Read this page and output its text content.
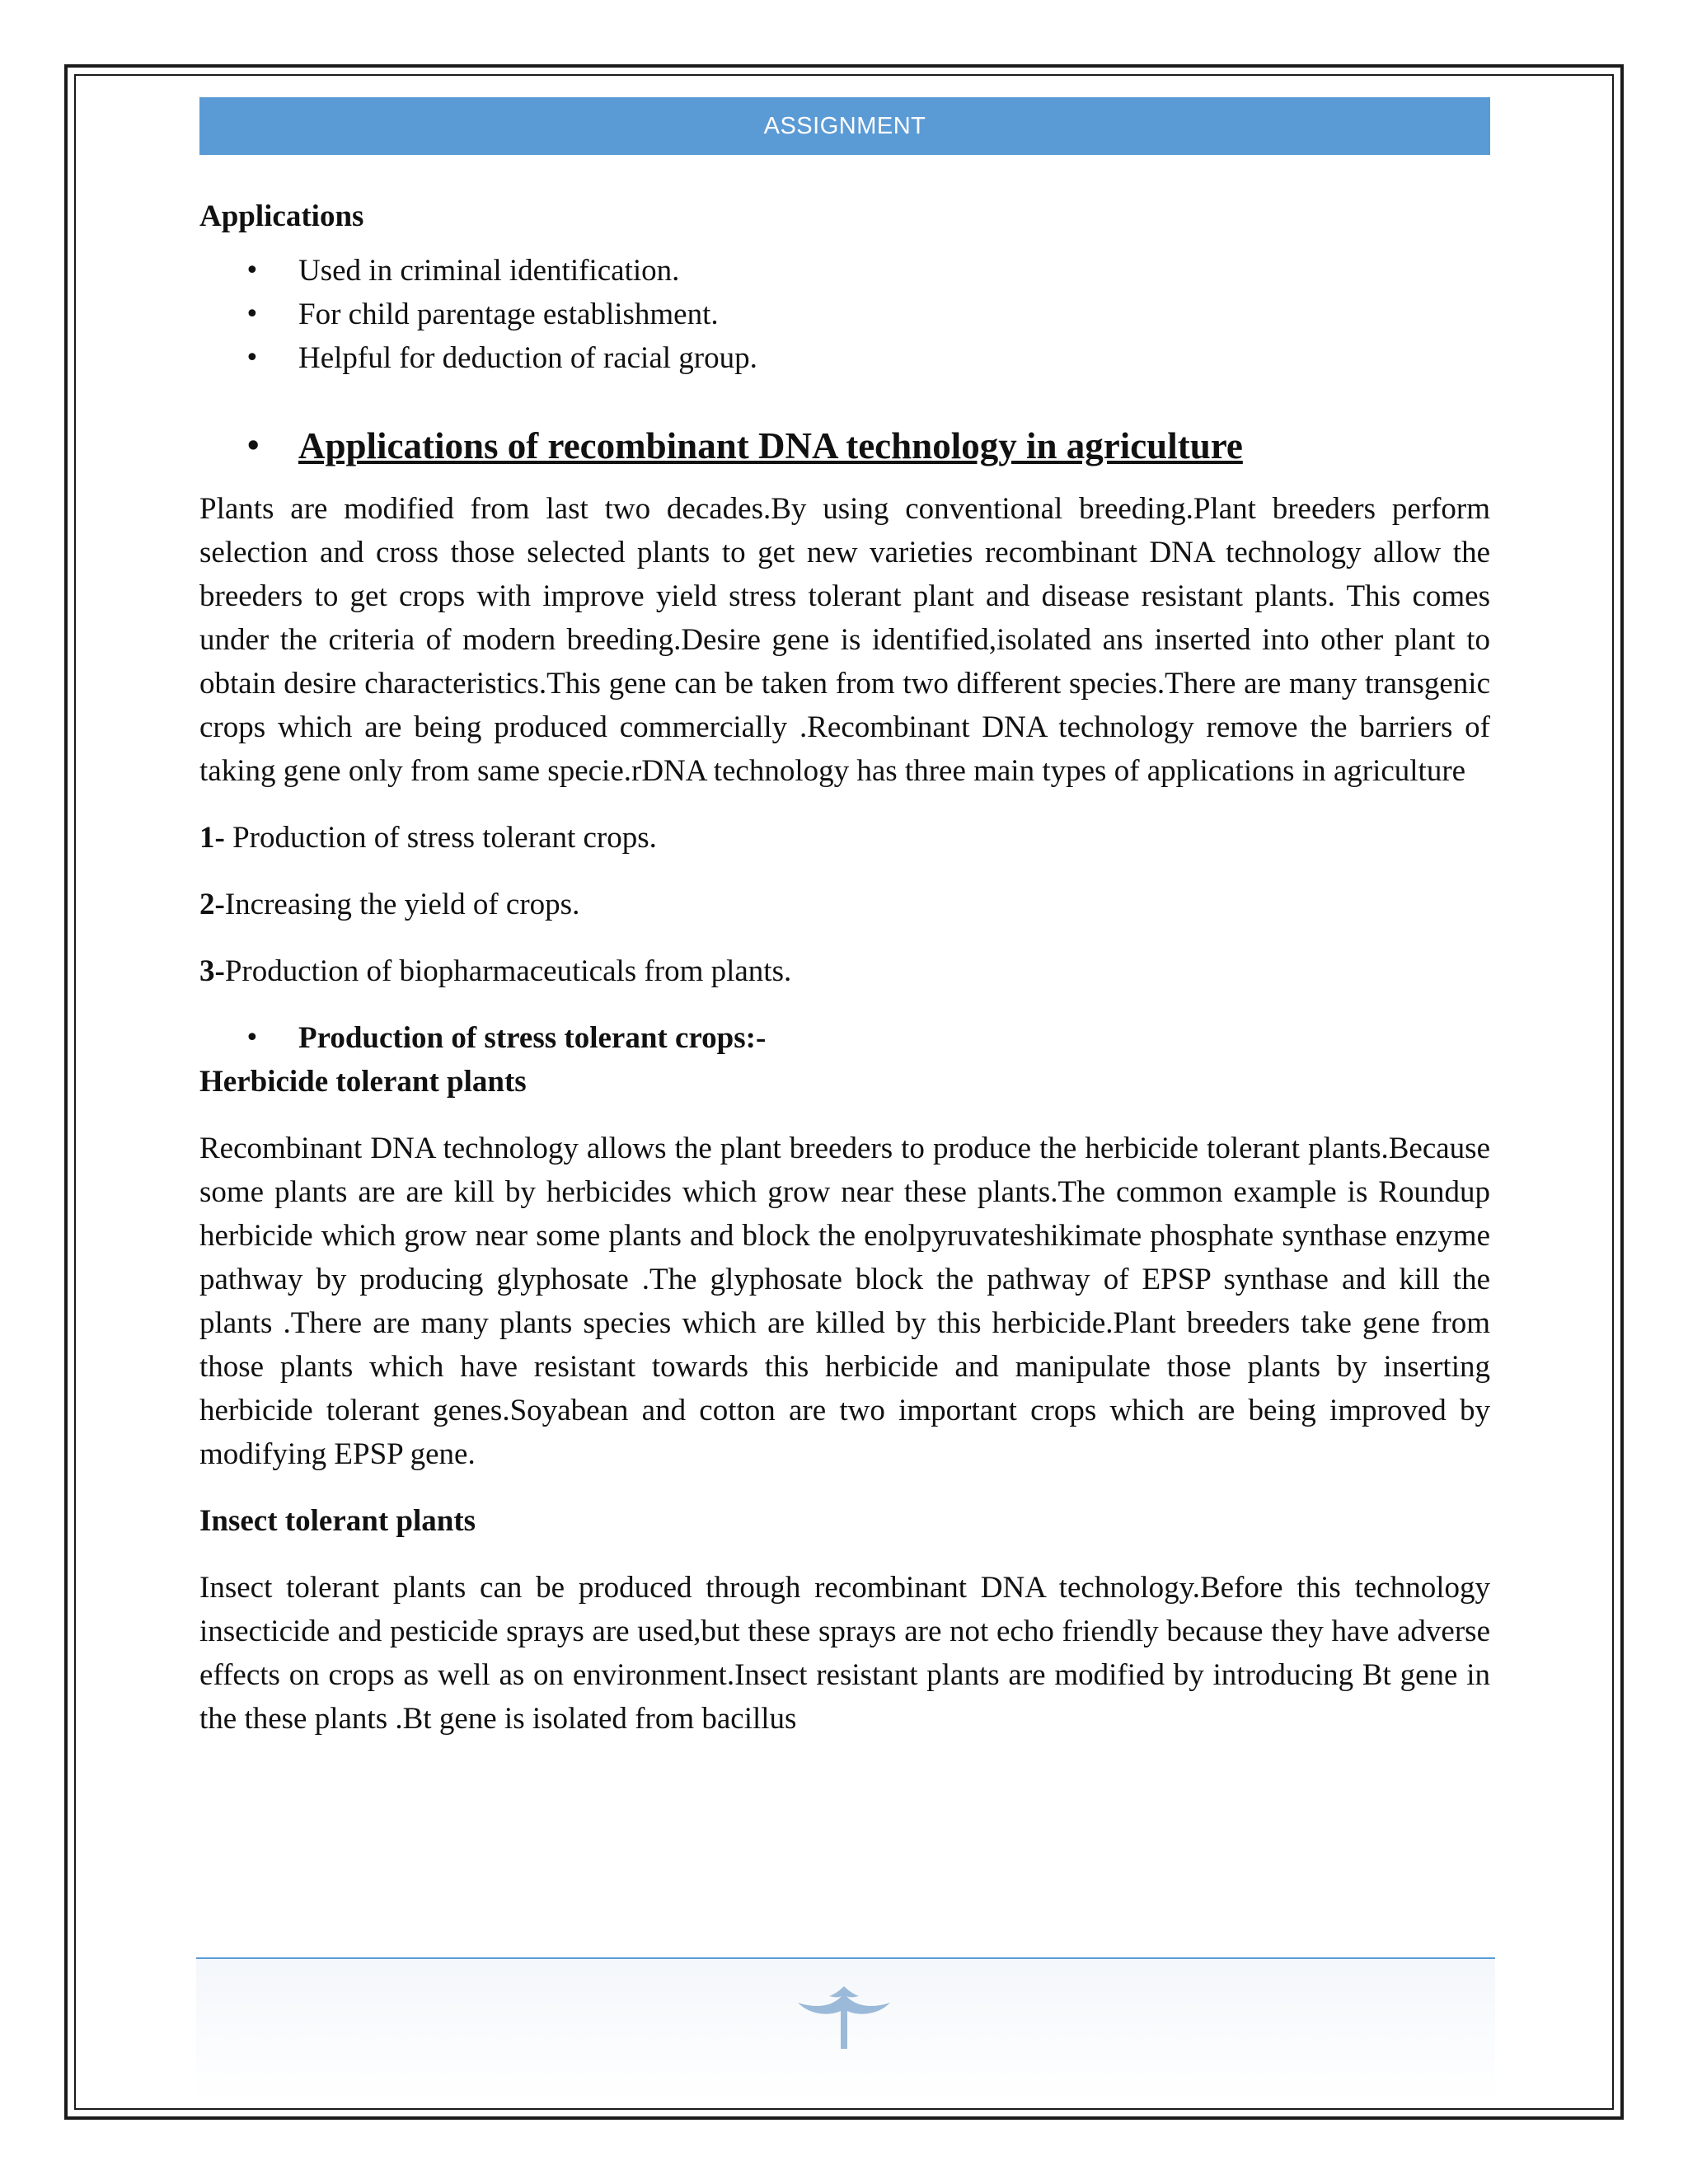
ASSIGNMENT

Applications

• Used in criminal identification.
• For child parentage establishment.
• Helpful for deduction of racial group.
• Applications of recombinant DNA technology in agriculture

Plants are modified from last two decades.By using conventional breeding.Plant breeders perform selection and cross those selected plants to get new varieties recombinant DNA technology allow the breeders to get crops with improve yield stress tolerant plant and disease resistant plants. This comes under the criteria of modern breeding.Desire gene is identified,isolated ans inserted into other plant to obtain desire characteristics.This gene can be taken from two different species.There are many transgenic crops which are being produced commercially .Recombinant DNA technology remove the barriers of taking gene only from same specie.rDNA technology has three main types of applications in agriculture

1- Production of stress tolerant crops.

2-Increasing the yield of crops.

3-Production of biopharmaceuticals from plants.

• Production of stress tolerant crops:-

Herbicide tolerant plants

Recombinant DNA technology allows the plant breeders to produce the herbicide tolerant plants.Because some plants are are kill by herbicides which grow near these plants.The common example is Roundup herbicide which grow near some plants and block the enolpyruvateshikimate phosphate synthase enzyme pathway by producing glyphosate .The glyphosate block the pathway of EPSP synthase and kill the plants .There are many plants species which are killed by this herbicide.Plant breeders take gene from those plants which have resistant towards this herbicide and manipulate those plants by inserting herbicide tolerant genes.Soyabean and cotton are two important crops which are being improved by modifying EPSP gene.

Insect tolerant plants

Insect tolerant plants can be produced through recombinant DNA technology.Before this technology insecticide and pesticide sprays are used,but these sprays are not echo friendly because they have adverse effects on crops as well as on environment.Insect resistant plants are modified by introducing Bt gene in the these plants .Bt gene is isolated from bacillus
